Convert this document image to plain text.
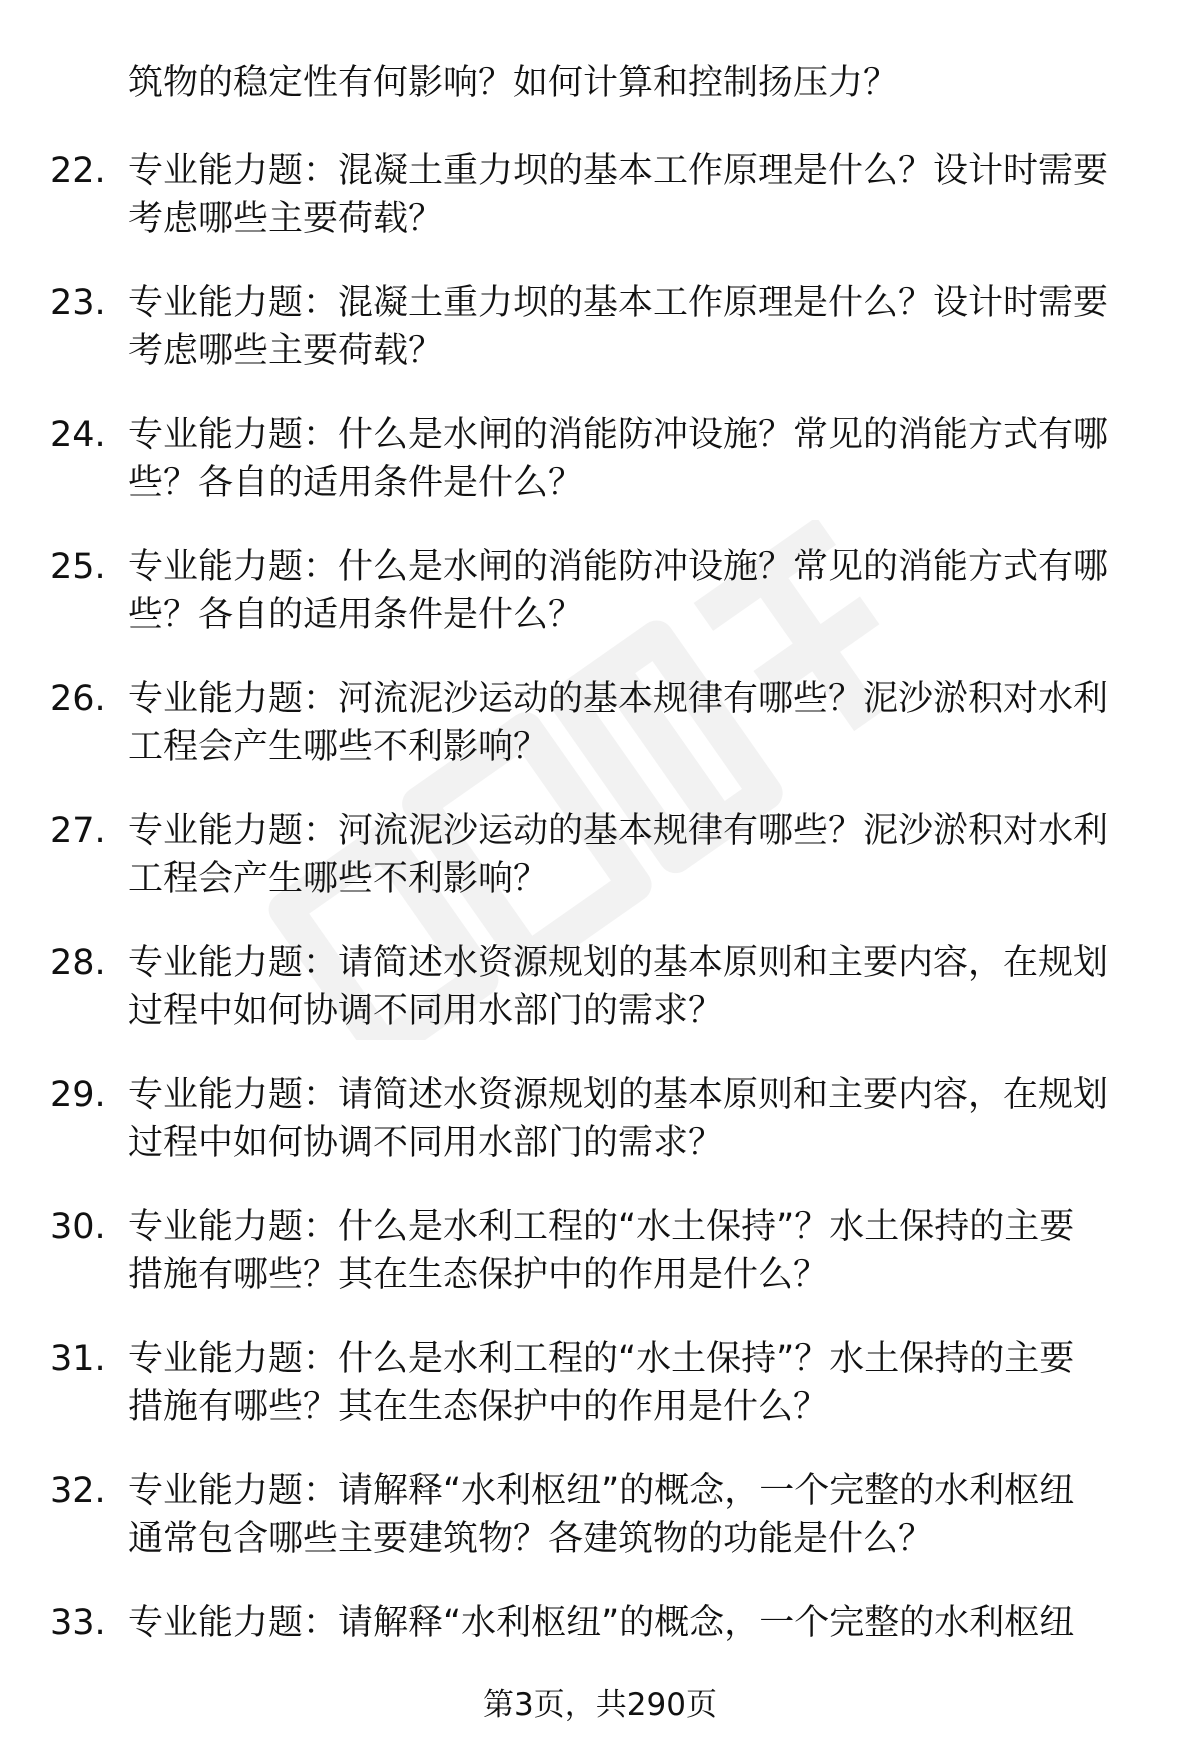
筑物的稳定性有何影响？如何计算和控制扬压力？
22. 专业能力题：混凝土重力坝的基本工作原理是什么？设计时需要
考虑哪些主要荷载？
23. 专业能力题：混凝土重力坝的基本工作原理是什么？设计时需要
考虑哪些主要荷载？
24. 专业能力题：什么是水闸的消能防冲设施？常见的消能方式有哪
些？各自的适用条件是什么？
25. 专业能力题：什么是水闸的消能防冲设施？常见的消能方式有哪
些？各自的适用条件是什么？
26. 专业能力题：河流泥沙运动的基本规律有哪些？泥沙淤积对水利
工程会产生哪些不利影响？
27. 专业能力题：河流泥沙运动的基本规律有哪些？泥沙淤积对水利
工程会产生哪些不利影响？
28. 专业能力题：请简述水资源规划的基本原则和主要内容，在规划
过程中如何协调不同用水部门的需求？
29. 专业能力题：请简述水资源规划的基本原则和主要内容，在规划
过程中如何协调不同用水部门的需求？
30. 专业能力题：什么是水利工程的“水土保持”？水土保持的主要
措施有哪些？其在生态保护中的作用是什么？
31. 专业能力题：什么是水利工程的“水土保持”？水土保持的主要
措施有哪些？其在生态保护中的作用是什么？
32. 专业能力题：请解释“水利枢纽”的概念，一个完整的水利枢纽
通常包含哪些主要建筑物？各建筑物的功能是什么？
33. 专业能力题：请解释“水利枢纽”的概念，一个完整的水利枢纽
第3页，共290页
